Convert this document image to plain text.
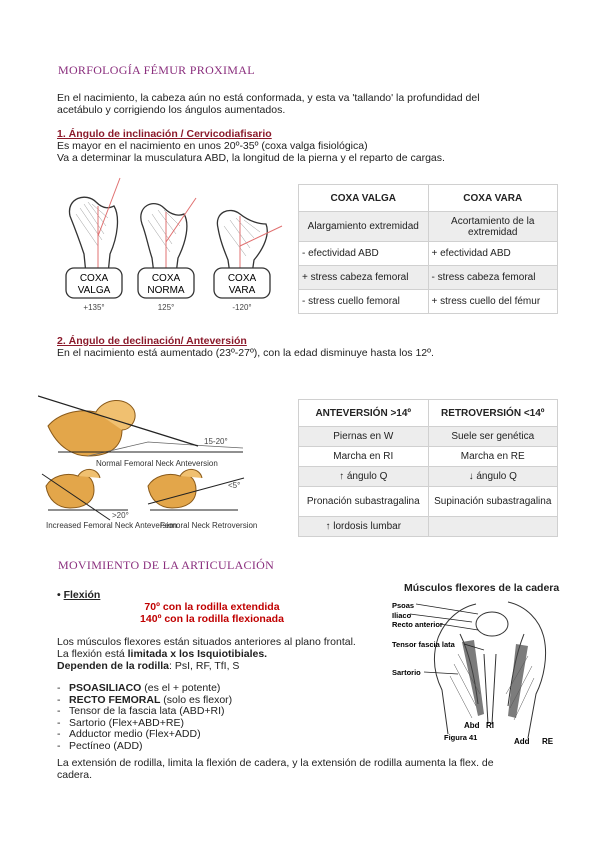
MORFOLOGÍA FÉMUR PROXIMAL
En el nacimiento, la cabeza aún no está conformada, y esta va 'tallando' la profundidad del
acetábulo y corrigiendo los ángulos aumentados.
1. Ángulo de inclinación / Cervicodiafisario
Es mayor en el nacimiento en unos 20º-35º (coxa valga fisiológica)
Va a determinar la musculatura ABD, la longitud de la pierna y el reparto de cargas.
COXA
VALGA
COXA
NORMA
COXA
VARA
+135°	125°	-120°
COXA VALGA	COXA VARA
Alargamiento extremidad	Acortamiento de la extremidad
- efectividad ABD	+ efectividad ABD
+ stress cabeza femoral	- stress cabeza femoral
- stress cuello femoral	+ stress cuello del fémur
2. Ángulo de declinación/ Anteversión
En el nacimiento está aumentado (23º-27º), con la edad disminuye hasta los 12º.
15-20°
Normal Femoral Neck Anteversion
>20°
Increased Femoral Neck Anteversion
<5°
Femoral Neck Retroversion
ANTEVERSIÓN >14º	RETROVERSIÓN <14º
Piernas en W	Suele ser genética
Marcha en RI	Marcha en RE
↑ ángulo Q	↓ ángulo Q
Pronación subastragalina	Supinación subastragalina
↑ lordosis lumbar	
MOVIMIENTO DE LA ARTICULACIÓN
• Flexión
70º con la rodilla extendida
140º con la rodilla flexionada
Los músculos flexores están situados anteriores al plano frontal.
La flexión está limitada x los Isquiotibiales.
Dependen de la rodilla: PsI, RF, TfI, S
- PSOASILIACO (es el + potente)
- RECTO FEMORAL (solo es flexor)
- Tensor de la fascia lata (ABD+RI)
- Sartorio (Flex+ABD+RE)
- Adductor medio (Flex+ADD)
- Pectíneo (ADD)
La extensión de rodilla, limita la flexión de cadera, y la extensión de rodilla aumenta la flex. de
cadera.
Músculos flexores de la cadera
Psoas
Iliaco
Recto anterior
Tensor fascia lata
Sartorio
Abd RI
Add RE
Figura 41
